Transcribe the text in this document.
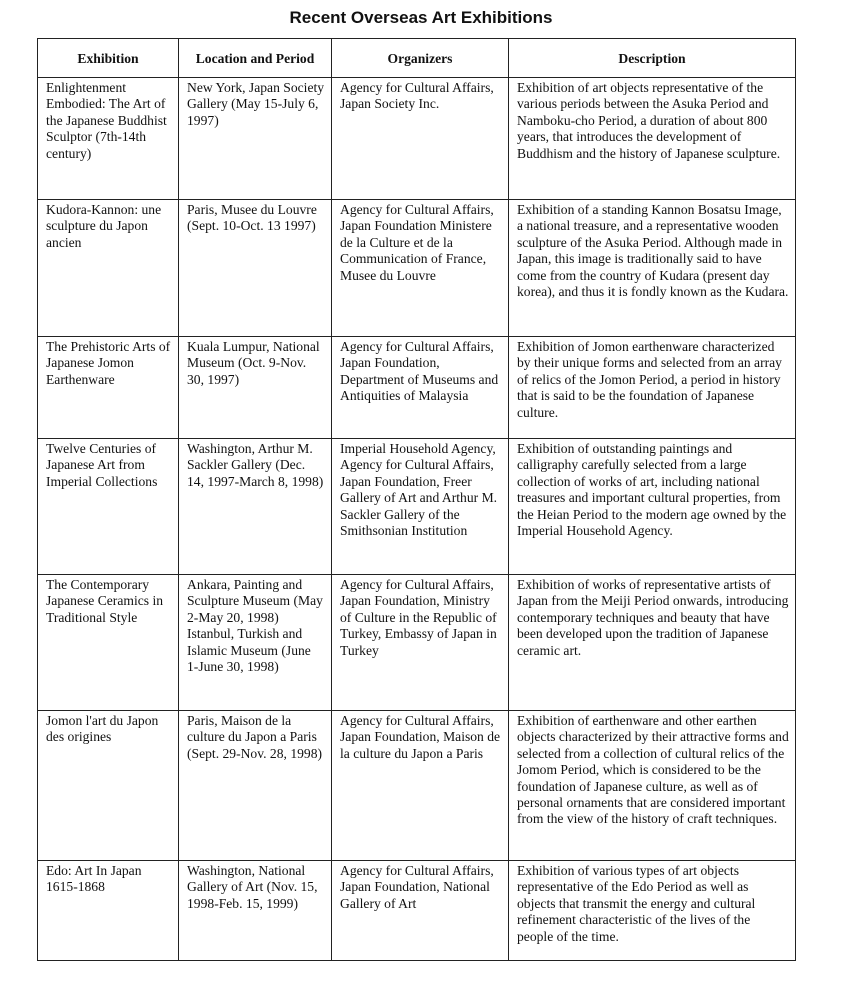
Recent Overseas Art Exhibitions
Exhibition	Location and Period	Organizers	Description
Enlightenment Embodied: The Art of the Japanese Buddhist Sculptor (7th-14th century)	New York, Japan Society Gallery (May 15-July 6, 1997)	Agency for Cultural Affairs, Japan Society Inc.	Exhibition of art objects representative of the various periods between the Asuka Period and Namboku-cho Period, a duration of about 800 years, that introduces the development of Buddhism and the history of Japanese sculpture.
Kudora-Kannon: une sculpture du Japon ancien	Paris, Musee du Louvre (Sept. 10-Oct. 13 1997)	Agency for Cultural Affairs, Japan Foundation Ministere de la Culture et de la Communication of France, Musee du Louvre	Exhibition of a standing Kannon Bosatsu Image, a national treasure, and a representative wooden sculpture of the Asuka Period. Although made in Japan, this image is traditionally said to have come from the country of Kudara (present day korea), and thus it is fondly known as the Kudara.
The Prehistoric Arts of Japanese Jomon Earthenware	Kuala Lumpur, National Museum (Oct. 9-Nov. 30, 1997)	Agency for Cultural Affairs, Japan Foundation, Department of Museums and Antiquities of Malaysia	Exhibition of Jomon earthenware characterized by their unique forms and selected from an array of relics of the Jomon Period, a period in history that is said to be the foundation of Japanese culture.
Twelve Centuries of Japanese Art from Imperial Collections	Washington, Arthur M. Sackler Gallery (Dec. 14, 1997-March 8, 1998)	Imperial Household Agency, Agency for Cultural Affairs, Japan Foundation, Freer Gallery of Art and Arthur M. Sackler Gallery of the Smithsonian Institution	Exhibition of outstanding paintings and calligraphy carefully selected from a large collection of works of art, including national treasures and important cultural properties, from the Heian Period to the modern age owned by the Imperial Household Agency.
The Contemporary Japanese Ceramics in Traditional Style	Ankara, Painting and Sculpture Museum (May 2-May 20, 1998) Istanbul, Turkish and Islamic Museum (June 1-June 30, 1998)	Agency for Cultural Affairs, Japan Foundation, Ministry of Culture in the Republic of Turkey, Embassy of Japan in Turkey	Exhibition of works of representative artists of Japan from the Meiji Period onwards, introducing contemporary techniques and beauty that have been developed upon the tradition of Japanese ceramic art.
Jomon l'art du Japon des origines	Paris, Maison de la culture du Japon a Paris (Sept. 29-Nov. 28, 1998)	Agency for Cultural Affairs, Japan Foundation, Maison de la culture du Japon a Paris	Exhibition of earthenware and other earthen objects characterized by their attractive forms and selected from a collection of cultural relics of the Jomom Period, which is considered to be the foundation of Japanese culture, as well as of personal ornaments that are considered important from the view of the history of craft techniques.
Edo: Art In Japan 1615-1868	Washington, National Gallery of Art (Nov. 15, 1998-Feb. 15, 1999)	Agency for Cultural Affairs, Japan Foundation, National Gallery of Art	Exhibition of various types of art objects representative of the Edo Period as well as objects that transmit the energy and cultural refinement characteristic of the lives of the people of the time.
